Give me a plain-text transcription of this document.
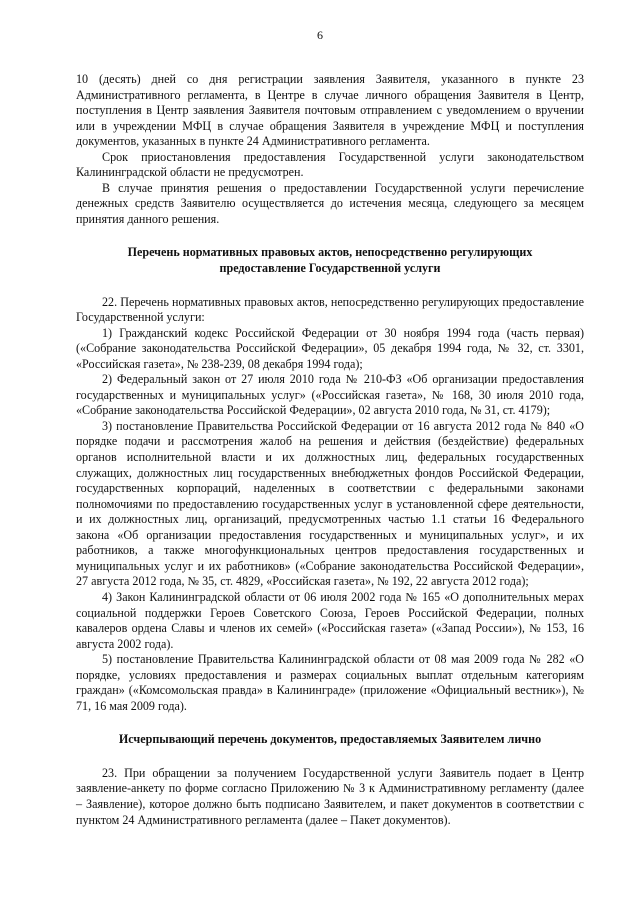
6

10 (десять) дней со дня регистрации заявления Заявителя, указанного в пункте 23 Административного регламента, в Центре в случае личного обращения Заявителя в Центр, поступления в Центр заявления Заявителя почтовым отправлением с уведомлением о вручении или в учреждении МФЦ в случае обращения Заявителя в учреждение МФЦ и поступления документов, указанных в пункте 24 Административного регламента.

Срок приостановления предоставления Государственной услуги законодательством Калининградской области не предусмотрен.

В случае принятия решения о предоставлении Государственной услуги перечисление денежных средств Заявителю осуществляется до истечения месяца, следующего за месяцем принятия данного решения.

Перечень нормативных правовых актов, непосредственно регулирующих
предоставление Государственной услуги

22. Перечень нормативных правовых актов, непосредственно регулирующих предоставление Государственной услуги:

1) Гражданский кодекс Российской Федерации от 30 ноября 1994 года (часть первая) («Собрание законодательства Российской Федерации», 05 декабря 1994 года, № 32, ст. 3301, «Российская газета», № 238-239, 08 декабря 1994 года);

2) Федеральный закон от 27 июля 2010 года № 210-ФЗ «Об организации предоставления государственных и муниципальных услуг» («Российская газета», № 168, 30 июля 2010 года, «Собрание законодательства Российской Федерации», 02 августа 2010 года, № 31, ст. 4179);

3) постановление Правительства Российской Федерации от 16 августа 2012 года № 840 «О порядке подачи и рассмотрения жалоб на решения и действия (бездействие) федеральных органов исполнительной власти и их должностных лиц, федеральных государственных служащих, должностных лиц государственных внебюджетных фондов Российской Федерации, государственных корпораций, наделенных в соответствии с федеральными законами полномочиями по предоставлению государственных услуг в установленной сфере деятельности, и их должностных лиц, организаций, предусмотренных частью 1.1 статьи 16 Федерального закона «Об организации предоставления государственных и муниципальных услуг», и их работников, а также многофункциональных центров предоставления государственных и муниципальных услуг и их работников» («Собрание законодательства Российской Федерации», 27 августа 2012 года, № 35, ст. 4829, «Российская газета», № 192, 22 августа 2012 года);

4) Закон Калининградской области от 06 июля 2002 года № 165 «О дополнительных мерах социальной поддержки Героев Советского Союза, Героев Российской Федерации, полных кавалеров ордена Славы и членов их семей» («Российская газета» («Запад России»), № 153, 16 августа 2002 года).

5) постановление Правительства Калининградской области от 08 мая 2009 года № 282 «О порядке, условиях предоставления и размерах социальных выплат отдельным категориям граждан» («Комсомольская правда» в Калининграде» (приложение «Официальный вестник»), № 71, 16 мая 2009 года).

Исчерпывающий перечень документов, предоставляемых Заявителем лично

23. При обращении за получением Государственной услуги Заявитель подает в Центр заявление-анкету по форме согласно Приложению № 3 к Административному регламенту (далее – Заявление), которое должно быть подписано Заявителем, и пакет документов в соответствии с пунктом 24 Административного регламента (далее – Пакет документов).
